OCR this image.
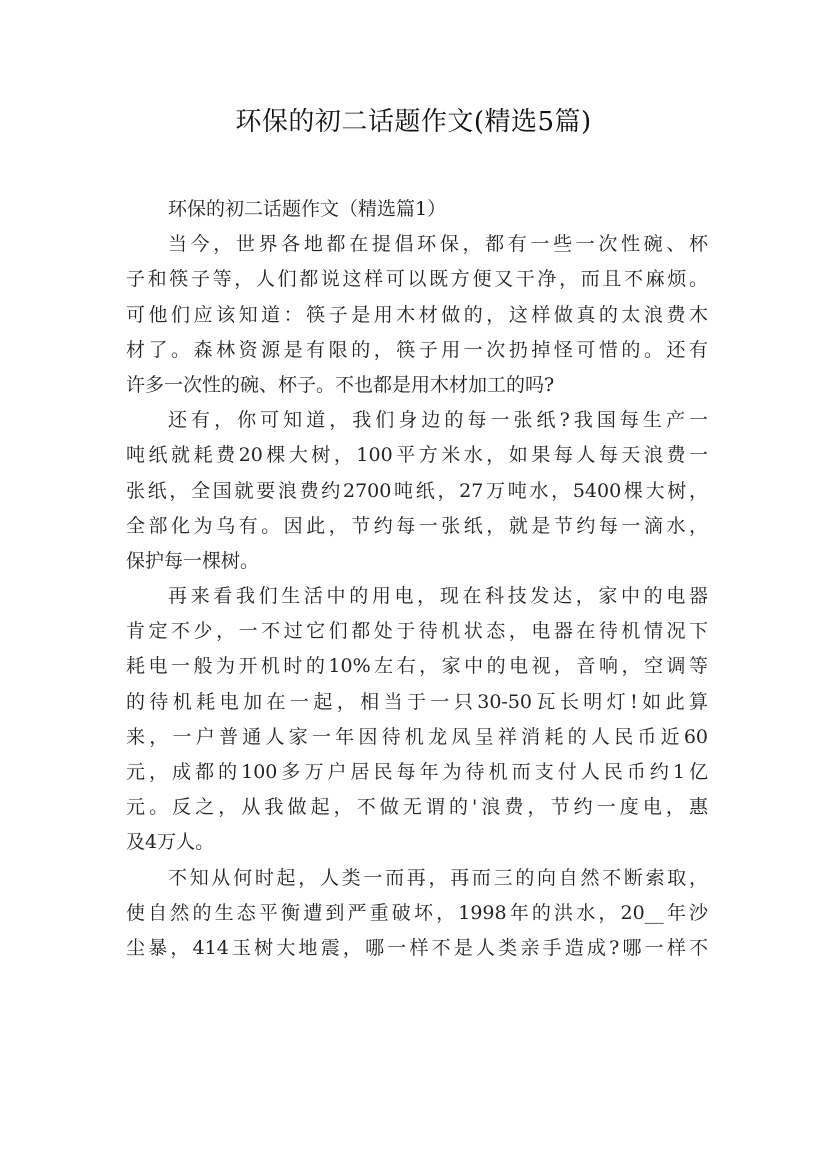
环保的初二话题作文(精选5篇)
环保的初二话题作文（精选篇1）
当今，世界各地都在提倡环保，都有一些一次性碗、杯
子和筷子等，人们都说这样可以既方便又干净，而且不麻烦。
可他们应该知道：筷子是用木材做的，这样做真的太浪费木
材了。森林资源是有限的，筷子用一次扔掉怪可惜的。还有
许多一次性的碗、杯子。不也都是用木材加工的吗?
还有，你可知道，我们身边的每一张纸?我国每生产一
吨纸就耗费20棵大树，100平方米水，如果每人每天浪费一
张纸，全国就要浪费约2700吨纸，27万吨水，5400棵大树，
全部化为乌有。因此，节约每一张纸，就是节约每一滴水，
保护每一棵树。
再来看我们生活中的用电，现在科技发达，家中的电器
肯定不少，一不过它们都处于待机状态，电器在待机情况下
耗电一般为开机时的10%左右，家中的电视，音响，空调等
的待机耗电加在一起，相当于一只30-50瓦长明灯!如此算
来，一户普通人家一年因待机龙凤呈祥消耗的人民币近60
元，成都的100多万户居民每年为待机而支付人民币约1亿
元。反之，从我做起，不做无谓的'浪费，节约一度电，惠
及4万人。
不知从何时起，人类一而再，再而三的向自然不断索取，
使自然的生态平衡遭到严重破坏，1998年的洪水，20__年沙
尘暴，414玉树大地震，哪一样不是人类亲手造成?哪一样不
